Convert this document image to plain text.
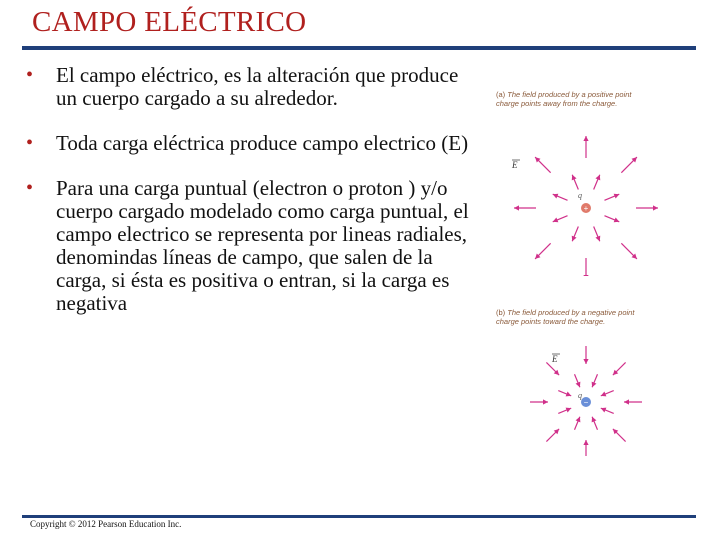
CAMPO ELÉCTRICO
• El campo eléctrico, es la alteración que produce un cuerpo cargado a su alrededor.
• Toda carga eléctrica produce campo electrico (E)
• Para una carga puntual (electron o proton ) y/o cuerpo cargado modelado como carga puntual, el campo electrico se representa por lineas radiales, denomindas líneas de campo, que salen de la carga, si ésta es positiva o entran, si la carga es negativa
(a) The field produced by a positive point charge points away from the charge.
E
q
+
(b) The field produced by a negative point charge points toward the charge.
E
q
−
Copyright © 2012 Pearson Education Inc.
